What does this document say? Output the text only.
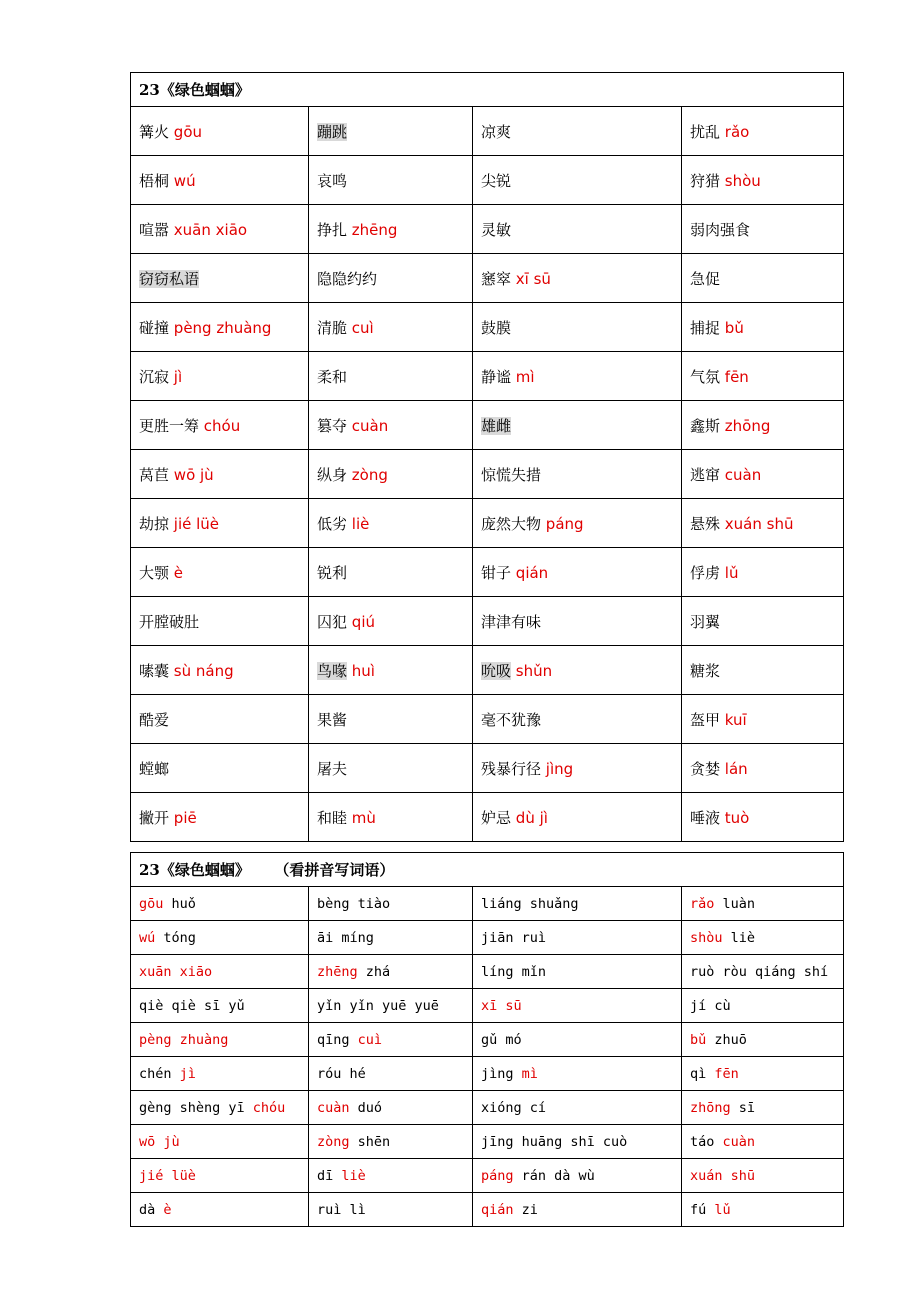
23《绿色蝈蝈》			
篝火 gōu	蹦跳	凉爽	扰乱 rǎo
梧桐 wú	哀鸣	尖锐	狩猎 shòu
喧嚣 xuān xiāo	挣扎 zhēng	灵敏	弱肉强食
窃窃私语	隐隐约约	窸窣 xī sū	急促
碰撞 pèng zhuàng	清脆 cuì	鼓膜	捕捉 bǔ
沉寂 jì	柔和	静谧 mì	气氛 fēn
更胜一筹 chóu	篡夺 cuàn	雄雌	鑫斯 zhōng
莴苣 wō jù	纵身 zòng	惊慌失措	逃窜 cuàn
劫掠 jié lüè	低劣 liè	庞然大物 páng	悬殊 xuán shū
大颚 è	锐利	钳子 qián	俘虏 lǔ
开膛破肚	囚犯 qiú	津津有味	羽翼
嗉囊 sù náng	鸟喙 huì	吮吸 shǔn	糖浆
酷爱	果酱	毫不犹豫	盔甲 kuī
螳螂	屠夫	残暴行径 jìng	贪婪 lán
撇开 piē	和睦 mù	妒忌 dù jì	唾液 tuò
23《绿色蝈蝈》 （看拼音写词语）			
gōu huǒ	bèng tiào	liáng shuǎng	rǎo luàn
wú tóng	āi míng	jiān ruì	shòu liè
xuān xiāo	zhēng zhá	líng mǐn	ruò ròu qiáng shí
qiè qiè sī yǔ	yǐn yǐn yuē yuē	xī sū	jí cù
pèng zhuàng	qīng cuì	gǔ mó	bǔ zhuō
chén jì	róu hé	jìng mì	qì fēn
gèng shèng yī chóu	cuàn duó	xióng cí	zhōng sī
wō jù	zòng shēn	jīng huāng shī cuò	táo cuàn
jié lüè	dī liè	páng rán dà wù	xuán shū
dà è	ruì lì	qián zi	fú lǔ
